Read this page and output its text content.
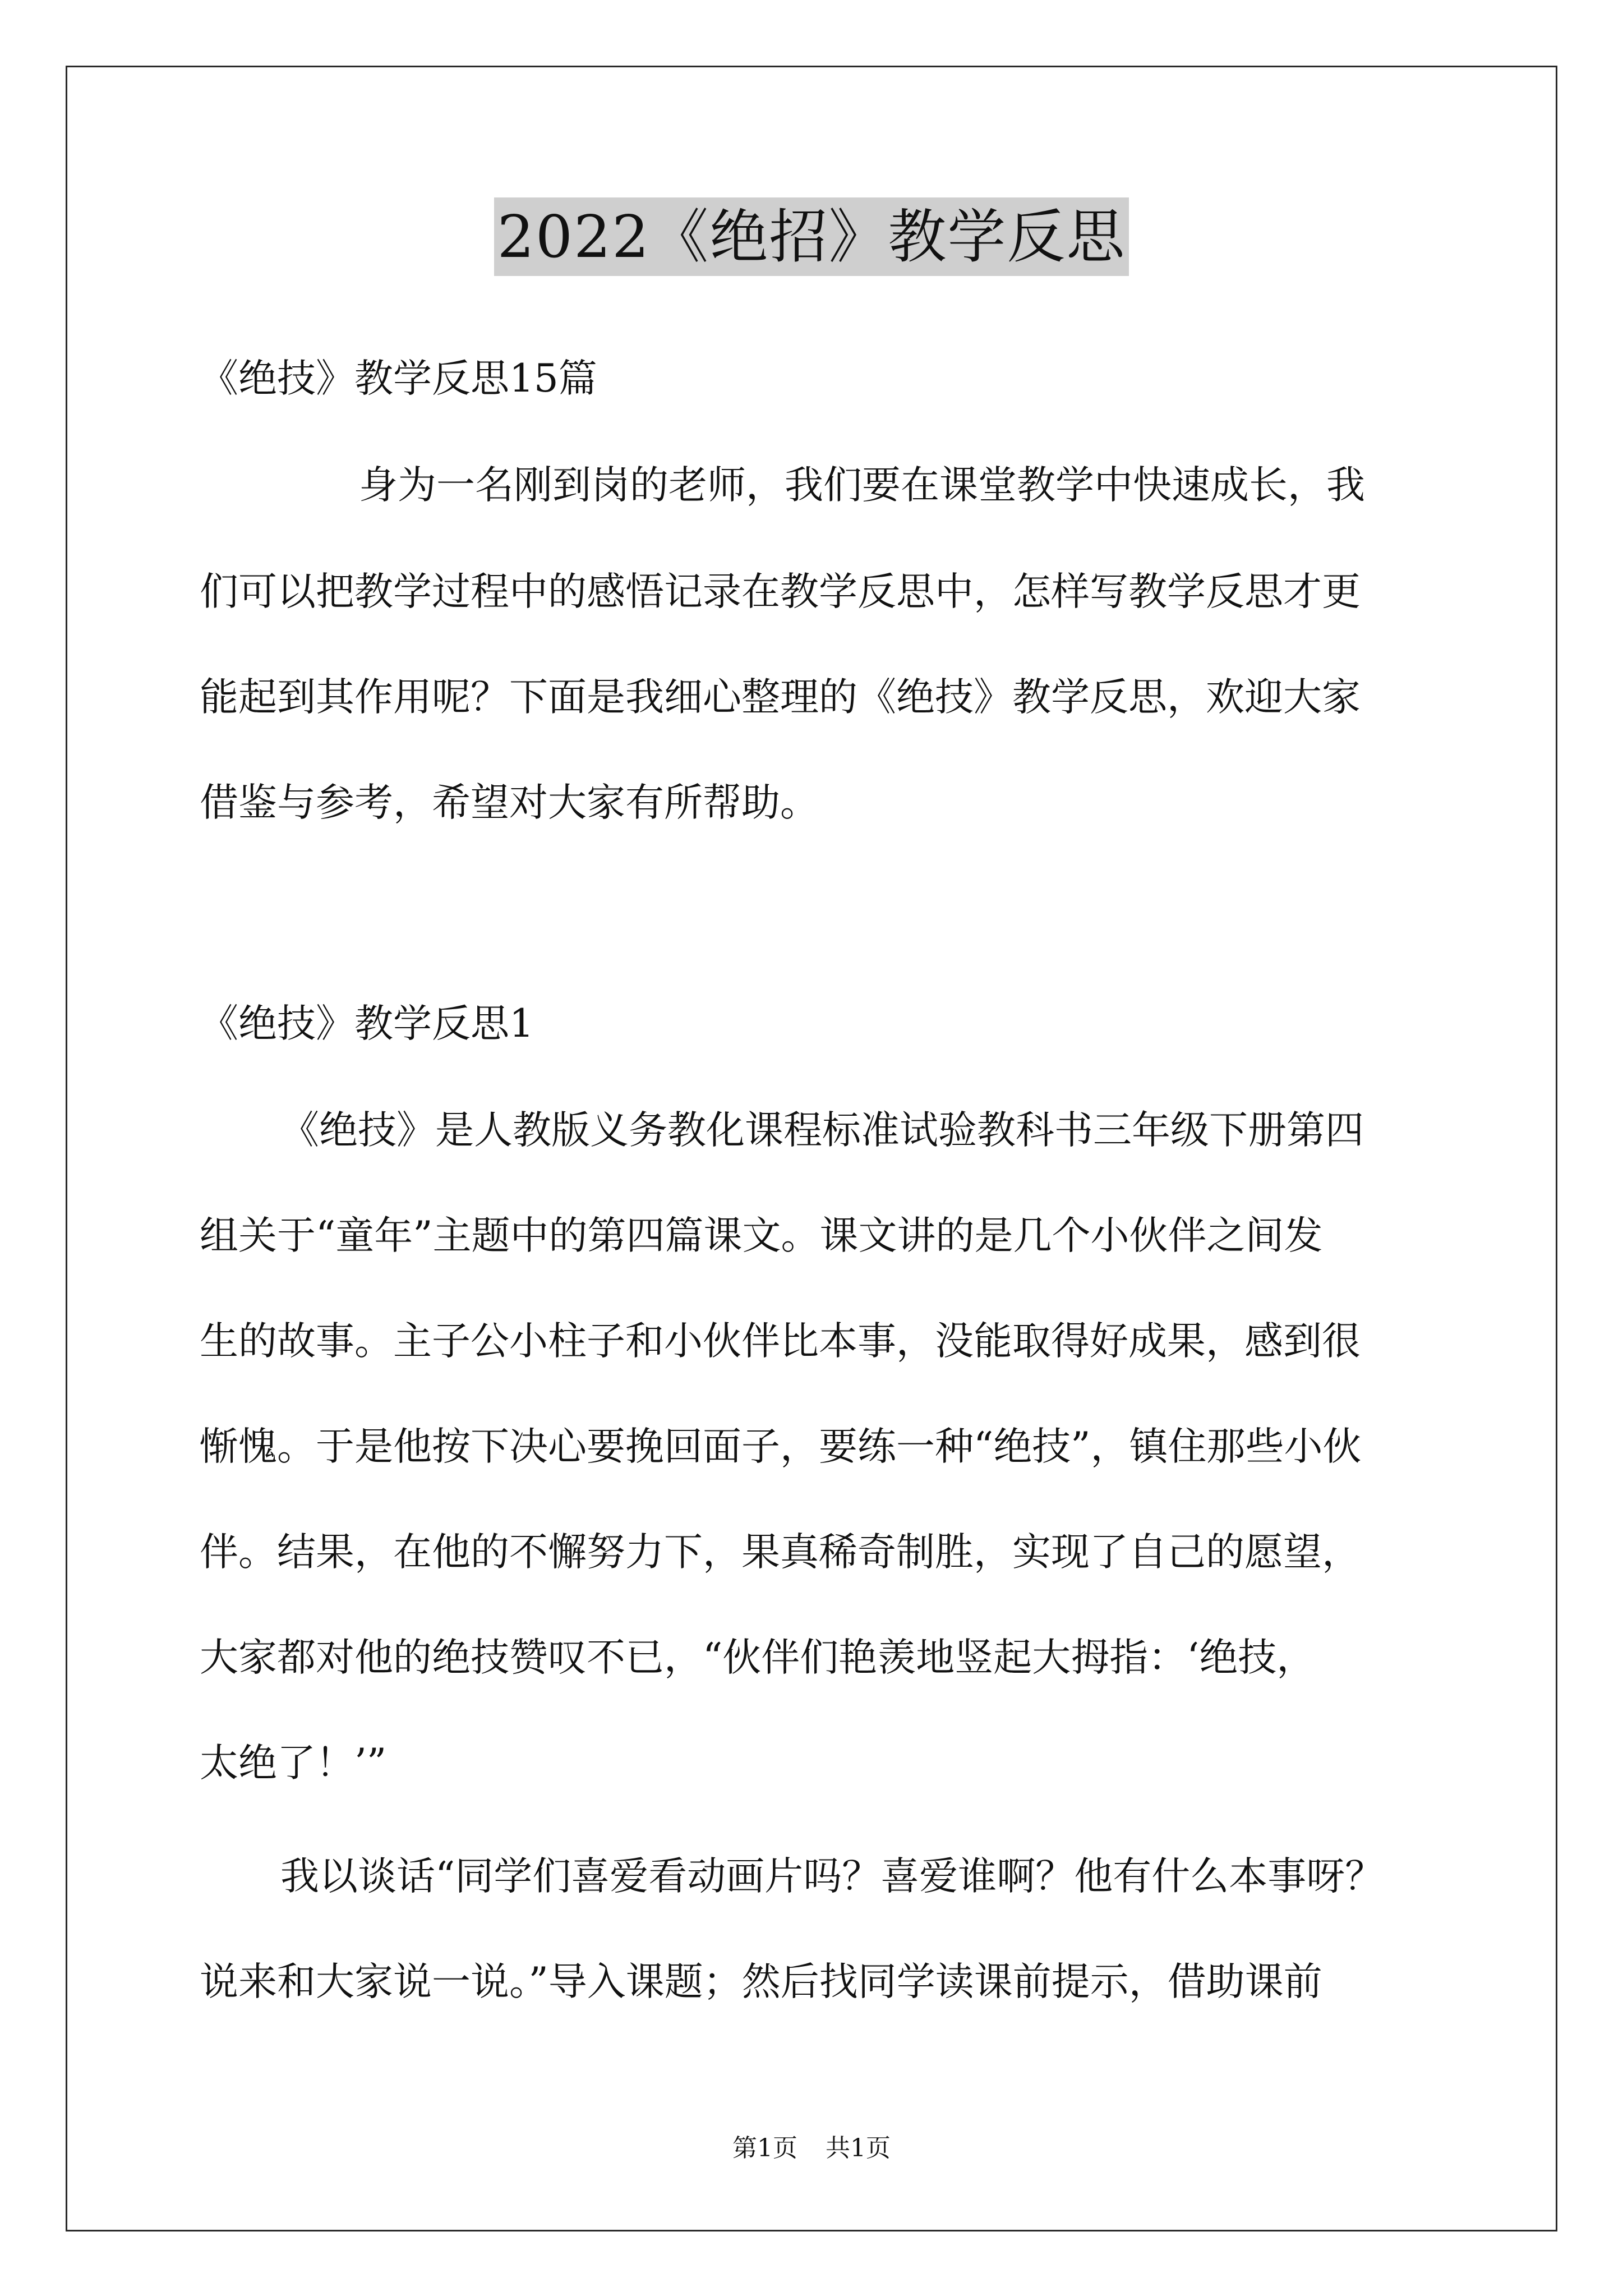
2022《绝招》教学反思
《绝技》教学反思15篇
身为一名刚到岗的老师，我们要在课堂教学中快速成长，我
们可以把教学过程中的感悟记录在教学反思中，怎样写教学反思才更
能起到其作用呢？下面是我细心整理的《绝技》教学反思，欢迎大家
借鉴与参考，希望对大家有所帮助。
《绝技》教学反思1
《绝技》是人教版义务教化课程标准试验教科书三年级下册第四
组关于“童年”主题中的第四篇课文。课文讲的是几个小伙伴之间发
生的故事。主子公小柱子和小伙伴比本事，没能取得好成果，感到很
惭愧。于是他按下决心要挽回面子，要练一种“绝技”，镇住那些小伙
伴。结果，在他的不懈努力下，果真稀奇制胜，实现了自己的愿望，
大家都对他的绝技赞叹不已，“伙伴们艳羡地竖起大拇指：‘绝技，
太绝了！’”
我以谈话“同学们喜爱看动画片吗？喜爱谁啊？他有什么本事呀？
说来和大家说一说。”导入课题；然后找同学读课前提示，借助课前
第1页 共1页
